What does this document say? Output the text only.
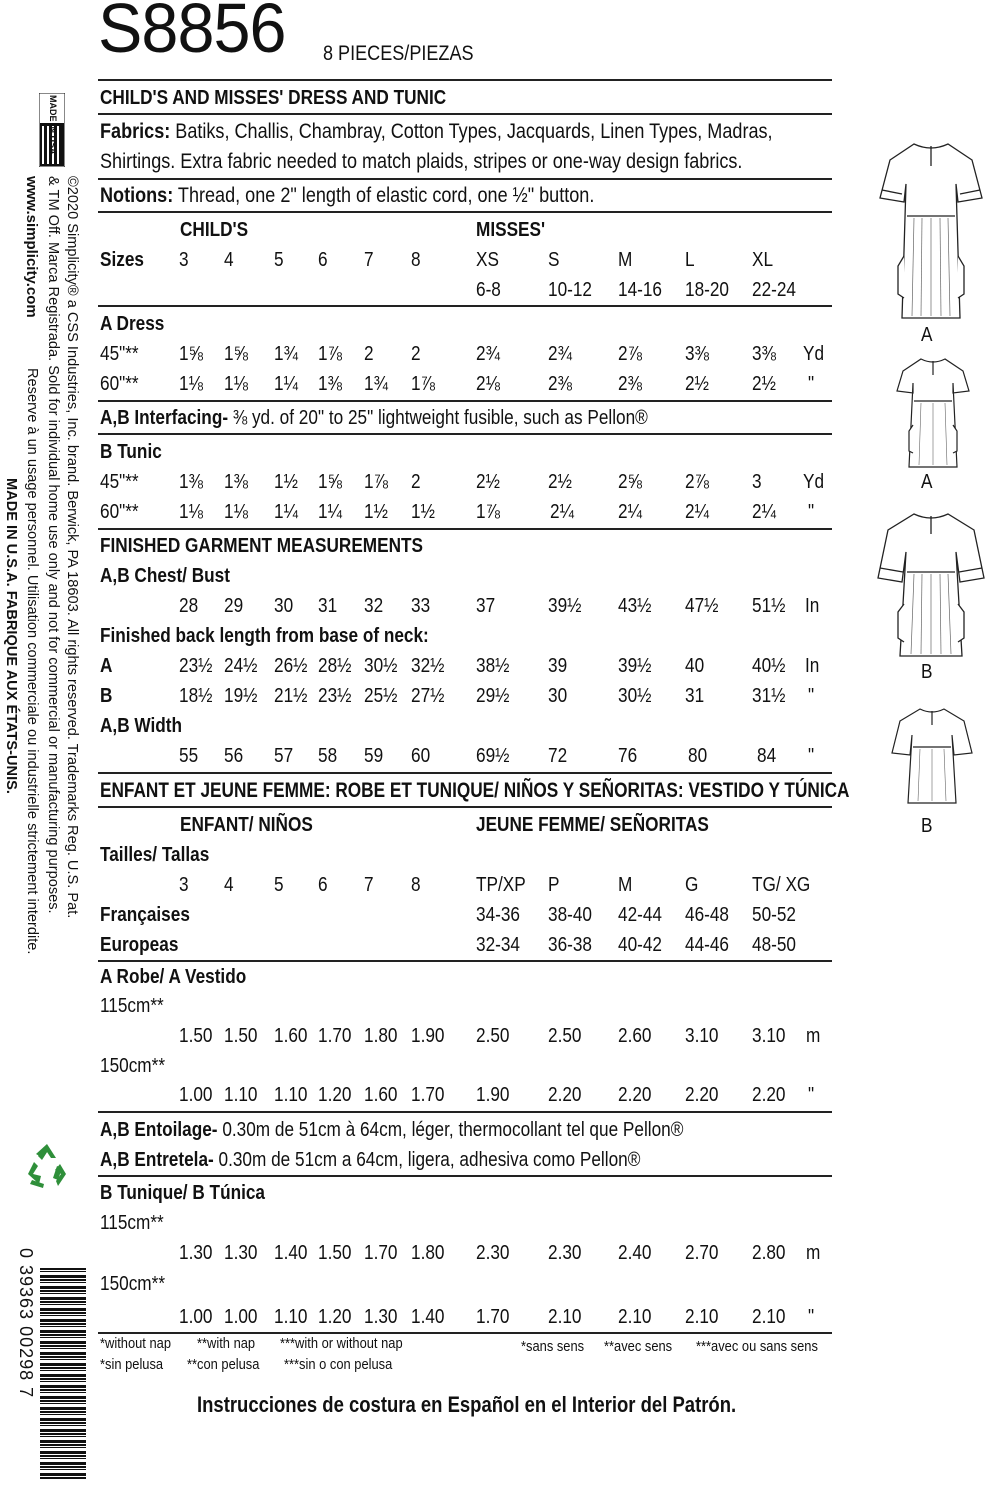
S8856 8 PIECES/PIEZAS
CHILD'S AND MISSES' DRESS AND TUNIC
Fabrics: Batiks, Challis, Chambray, Cotton Types, Jacquards, Linen Types, Madras,
Shirtings. Extra fabric needed to match plaids, stripes or one-way design fabrics.
Notions: Thread, one 2" length of elastic cord, one ½" button.
MADE IN USA
www.simplicity.com ©2020 Simplicity® a CSS Industries, Inc. brand. Berwick, PA 18603. All rights reserved. Trademarks Reg. U.S. Pat.
& TM Off. Marca Registrada. Sold for individual home use only and not for commercial or manufacturing purposes.
Reserve à un usage personnel. Utilisation commerciale ou industrielle strictement interdite.
MADE IN U.S.A. FABRIQUE AUX ÉTATS-UNIS.
0 39363 00298 7
A
A
B
B
CHILD'S	MISSES'
Sizes 3 4 5 6 7 8	XS S	M	L	XL
6-8 10-12 14-16 18-20 22-24
A Dress
45"** 1⅝ 1⅝ 1¾ 1⅞ 2 2	2¾ 2¾ 2⅞ 3⅜ 3⅜ Yd
60"** 1⅛ 1⅛ 1¼ 1⅜ 1¾ 1⅞ 2⅛ 2⅜ 2⅜ 2½ 2½ "
A,B Interfacing- ⅜ yd. of 20" to 25" lightweight fusible, such as Pellon®
B Tunic
45"** 1⅜ 1⅜ 1½ 1⅝ 1⅞ 2	2½ 2½ 2⅝ 2⅞ 3 Yd
60"** 1⅛ 1⅛ 1¼ 1¼ 1½ 1½ 1⅞	2¼ 2¼ 2¼ 2¼ "
FINISHED GARMENT MEASUREMENTS
A,B Chest/ Bust
28 29 30 31 32 33 37	39½ 43½ 47½ 51½ In
Finished back length from base of neck:
A	23½ 24½ 26½ 28½ 30½ 32½ 38½ 39	39½ 40 40½ In
B	18½ 19½ 21½ 23½ 25½ 27½ 29½ 30	30½ 31 31½ "
A,B Width
55 56 57 58 59 60 69½ 72	76	80 84 "
ENFANT ET JEUNE FEMME: ROBE ET TUNIQUE/ NIÑOS Y SEÑORITAS: VESTIDO Y TÚNICA
ENFANT/ NIÑOS	JEUNE FEMME/ SEÑORITAS
Tailles/ Tallas
3 4 5 6 7 8	TP/XP P	M	G	TG/ XG
Françaises	34-36 38-40 42-44 46-48 50-52
Europeas	32-34 36-38 40-42 44-46 48-50
A Robe/ A Vestido
115cm**
1.50 1.50 1.60 1.70 1.80 1.90 2.50 2.50 2.60 3.10 3.10 m
150cm**
1.00 1.10 1.10 1.20 1.60 1.70 1.90 2.20 2.20 2.20 2.20 "
A,B Entoilage- 0.30m de 51cm à 64cm, léger, thermocollant tel que Pellon®
A,B Entretela- 0.30m de 51cm a 64cm, ligera, adhesiva como Pellon®
B Tunique/ B Túnica
115cm**
1.30 1.30 1.40 1.50 1.70 1.80 2.30 2.30 2.40 2.70 2.80 m
150cm**
1.00 1.00 1.10 1.20 1.30 1.40 1.70 2.10 2.10 2.10 2.10 "
*without nap **with nap ***with or without nap
*sin pelusa **con pelusa ***sin o con pelusa
*sans sens **avec sens ***avec ou sans sens
Instrucciones de costura en Español en el Interior del Patrón.
